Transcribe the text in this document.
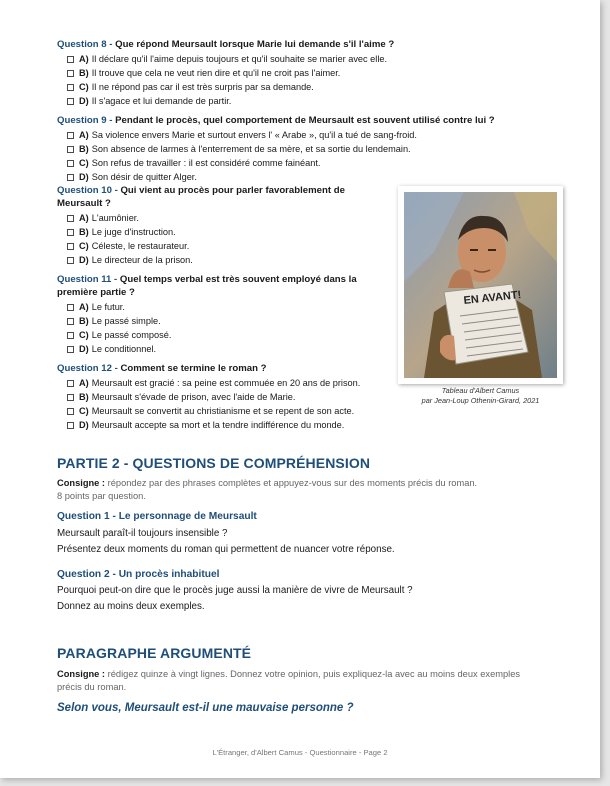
Question 8 - Que répond Meursault lorsque Marie lui demande s'il l'aime ?
A) Il déclare qu'il l'aime depuis toujours et qu'il souhaite se marier avec elle.
B) Il trouve que cela ne veut rien dire et qu'il ne croit pas l'aimer.
C) Il ne répond pas car il est très surpris par sa demande.
D) Il s'agace et lui demande de partir.
Question 9 - Pendant le procès, quel comportement de Meursault est souvent utilisé contre lui ?
A) Sa violence envers Marie et surtout envers l' « Arabe », qu'il a tué de sang-froid.
B) Son absence de larmes à l'enterrement de sa mère, et sa sortie du lendemain.
C) Son refus de travailler : il est considéré comme fainéant.
D) Son désir de quitter Alger.
Question 10 - Qui vient au procès pour parler favorablement de Meursault ?
A) L'aumônier.
B) Le juge d'instruction.
C) Céleste, le restaurateur.
D) Le directeur de la prison.
Question 11 - Quel temps verbal est très souvent employé dans la première partie ?
A) Le futur.
B) Le passé simple.
C) Le passé composé.
D) Le conditionnel.
Question 12 - Comment se termine le roman ?
A) Meursault est gracié : sa peine est commuée en 20 ans de prison.
B) Meursault s'évade de prison, avec l'aide de Marie.
C) Meursault se convertit au christianisme et se repent de son acte.
D) Meursault accepte sa mort et la tendre indifférence du monde.
EN AVANT!
Tableau d'Albert Camus
par Jean-Loup Othenin-Girard, 2021
PARTIE 2 - QUESTIONS DE COMPRÉHENSION
Consigne : répondez par des phrases complètes et appuyez-vous sur des moments précis du roman.
8 points par question.
Question 1 - Le personnage de Meursault
Meursault paraît-il toujours insensible ?
Présentez deux moments du roman qui permettent de nuancer votre réponse.
Question 2 - Un procès inhabituel
Pourquoi peut-on dire que le procès juge aussi la manière de vivre de Meursault ?
Donnez au moins deux exemples.
PARAGRAPHE ARGUMENTÉ
Consigne : rédigez quinze à vingt lignes. Donnez votre opinion, puis expliquez-la avec au moins deux exemples précis du roman.
Selon vous, Meursault est-il une mauvaise personne ?
L'Étranger, d'Albert Camus - Questionnaire - Page 2
